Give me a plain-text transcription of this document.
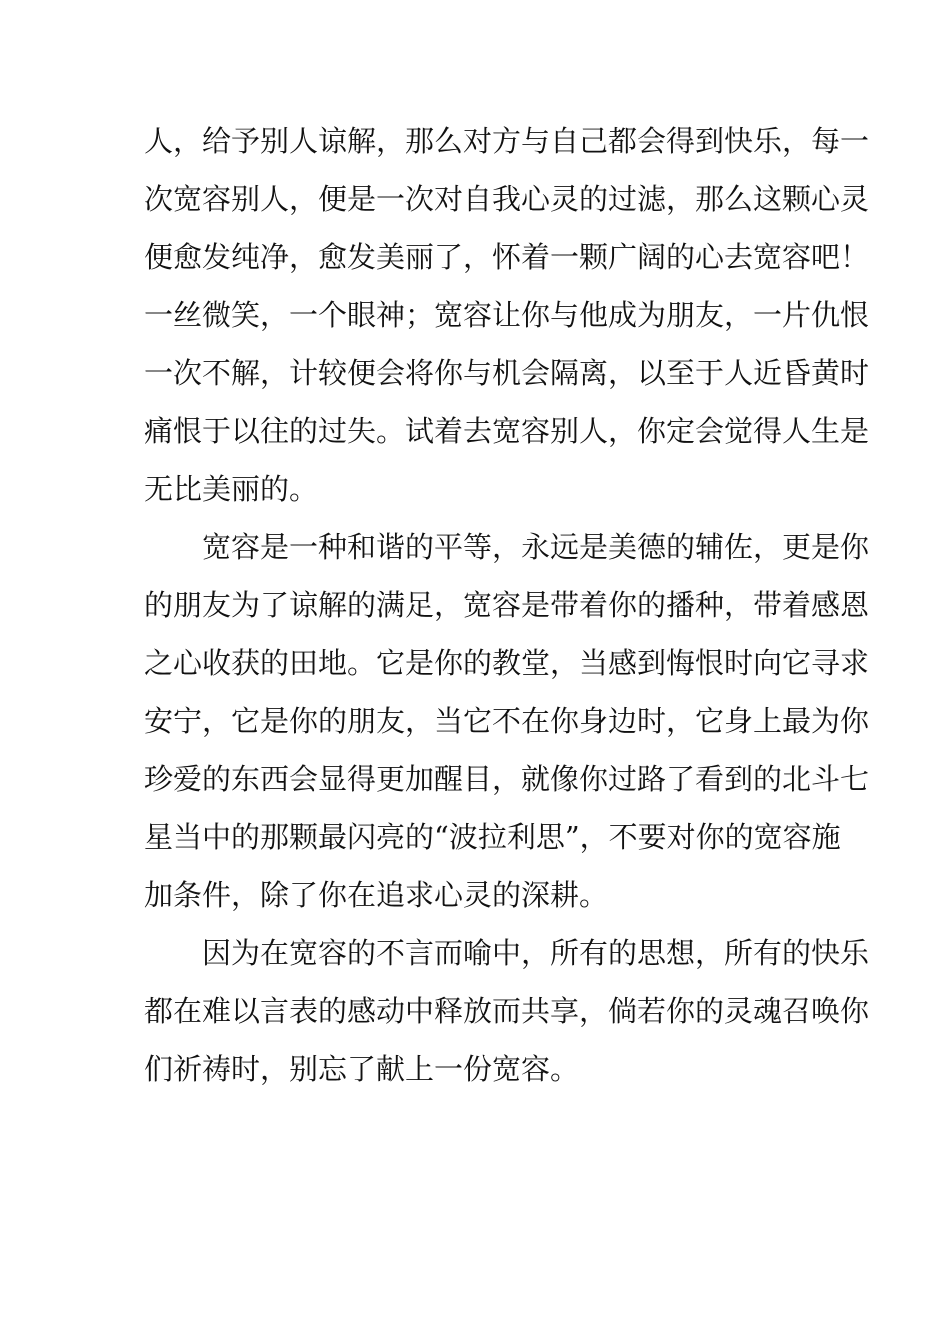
人，给予别人谅解，那么对方与自己都会得到快乐，每一
次宽容别人，便是一次对自我心灵的过滤，那么这颗心灵
便愈发纯净，愈发美丽了，怀着一颗广阔的心去宽容吧！
一丝微笑，一个眼神；宽容让你与他成为朋友，一片仇恨
一次不解，计较便会将你与机会隔离，以至于人近昏黄时
痛恨于以往的过失。试着去宽容别人，你定会觉得人生是
无比美丽的。
宽容是一种和谐的平等，永远是美德的辅佐，更是你
的朋友为了谅解的满足，宽容是带着你的播种，带着感恩
之心收获的田地。它是你的教堂，当感到悔恨时向它寻求
安宁，它是你的朋友，当它不在你身边时，它身上最为你
珍爱的东西会显得更加醒目，就像你过路了看到的北斗七
星当中的那颗最闪亮的“波拉利思”，不要对你的宽容施
加条件，除了你在追求心灵的深耕。
因为在宽容的不言而喻中，所有的思想，所有的快乐
都在难以言表的感动中释放而共享，倘若你的灵魂召唤你
们祈祷时，别忘了献上一份宽容。
